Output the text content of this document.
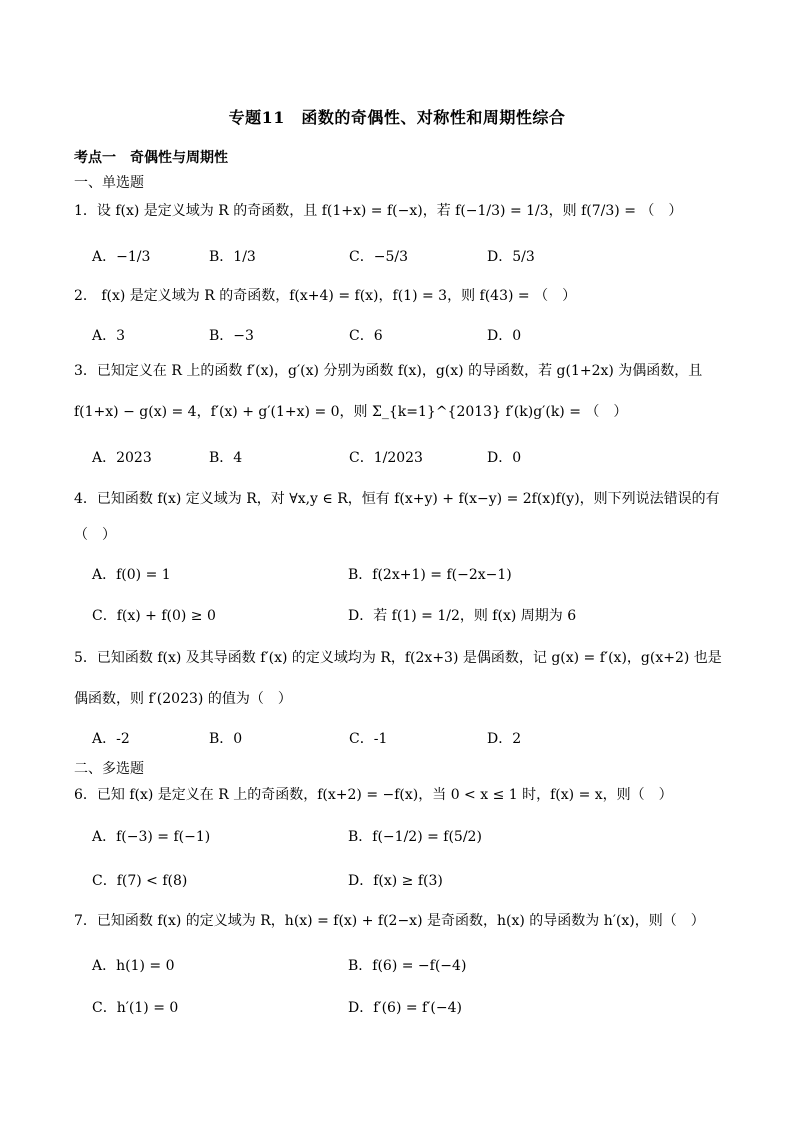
专题11　函数的奇偶性、对称性和周期性综合
考点一　奇偶性与周期性
一、单选题
1．设 f(x) 是定义域为 R 的奇函数，且 f(1+x) = f(−x)，若 f(−1/3) = 1/3，则 f(7/3) = （　）
A．−1/3	B．1/3	C．−5/3	D．5/3
2． f(x) 是定义域为 R 的奇函数，f(x+4) = f(x)，f(1) = 3，则 f(43) = （　）
A．3	B．−3	C．6	D．0
3．已知定义在 R 上的函数 f′(x)，g′(x) 分别为函数 f(x)，g(x) 的导函数，若 g(1+2x) 为偶函数，且
f(1+x) − g(x) = 4，f′(x) + g′(1+x) = 0，则 Σ_{k=1}^{2013} f′(k)g′(k) = （　）
A．2023	B．4	C．1/2023	D．0
4．已知函数 f(x) 定义域为 R，对 ∀x,y ∈ R，恒有 f(x+y) + f(x−y) = 2f(x)f(y)，则下列说法错误的有
（　）
A．f(0) = 1	B．f(2x+1) = f(−2x−1)
C．f(x) + f(0) ≥ 0	D．若 f(1) = 1/2，则 f(x) 周期为 6
5．已知函数 f(x) 及其导函数 f′(x) 的定义域均为 R，f(2x+3) 是偶函数，记 g(x) = f′(x)，g(x+2) 也是
偶函数，则 f′(2023) 的值为（　）
A．-2	B．0	C．-1	D．2
二、多选题
6．已知 f(x) 是定义在 R 上的奇函数，f(x+2) = −f(x)，当 0 < x ≤ 1 时，f(x) = x，则（　）
A．f(−3) = f(−1)	B．f(−1/2) = f(5/2)
C．f(7) < f(8)	D．f(x) ≥ f(3)
7．已知函数 f(x) 的定义域为 R，h(x) = f(x) + f(2−x) 是奇函数，h(x) 的导函数为 h′(x)，则（　）
A．h(1) = 0	B．f(6) = −f(−4)
C．h′(1) = 0	D．f′(6) = f′(−4)
